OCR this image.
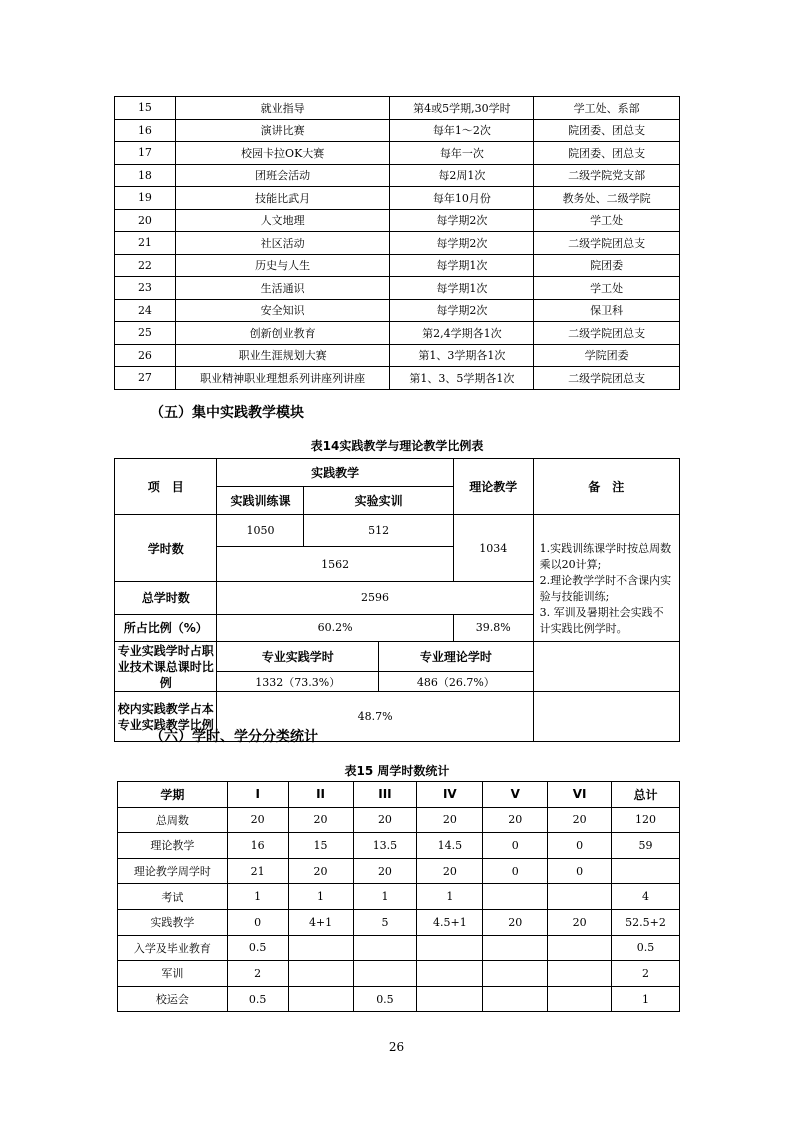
15	就业指导	第4或5学期,30学时	学工处、系部
16	演讲比赛	每年1～2次	院团委、团总支
17	校园卡拉OK大赛	每年一次	院团委、团总支
18	团班会活动	每2周1次	二级学院党支部
19	技能比武月	每年10月份	教务处、二级学院
20	人文地理	每学期2次	学工处
21	社区活动	每学期2次	二级学院团总支
22	历史与人生	每学期1次	院团委
23	生活通识	每学期1次	学工处
24	安全知识	每学期2次	保卫科
25	创新创业教育	第2,4学期各1次	二级学院团总支
26	职业生涯规划大赛	第1、3学期各1次	学院团委
27	职业精神职业理想系列讲座列讲座	第1、3、5学期各1次	二级学院团总支
（五）集中实践教学模块
表14实践教学与理论教学比例表
项　目	实践教学			理论教学	备　注
	实践训练课	实验实训			
学时数	1050	512		1034	1.实践训练课学时按总周数乘以20计算;
2.理论教学学时不含课内实验与技能训练;
3. 军训及暑期社会实践不计实践比例学时。

	1562				
总学时数	2596				
所占比例（%）	60.2%			39.8%	
专业实践学时占职业技术课总课时比例	专业实践学时		专业理论学时		
	1332（73.3%）		486（26.7%）		
校内实践教学占本专业实践教学比例	48.7%				
（六）学时、学分分类统计
表15 周学时数统计
学期	I	II	III	IV	V	VI	总计
总周数	20	20	20	20	20	20	120
理论教学	16	15	13.5	14.5	0	0	59
理论教学周学时	21	20	20	20	0	0	
考试	1	1	1	1			4
实践教学	0	4+1	5	4.5+1	20	20	52.5+2
入学及毕业教育	0.5						0.5
军训	2						2
校运会	0.5		0.5				1
26
